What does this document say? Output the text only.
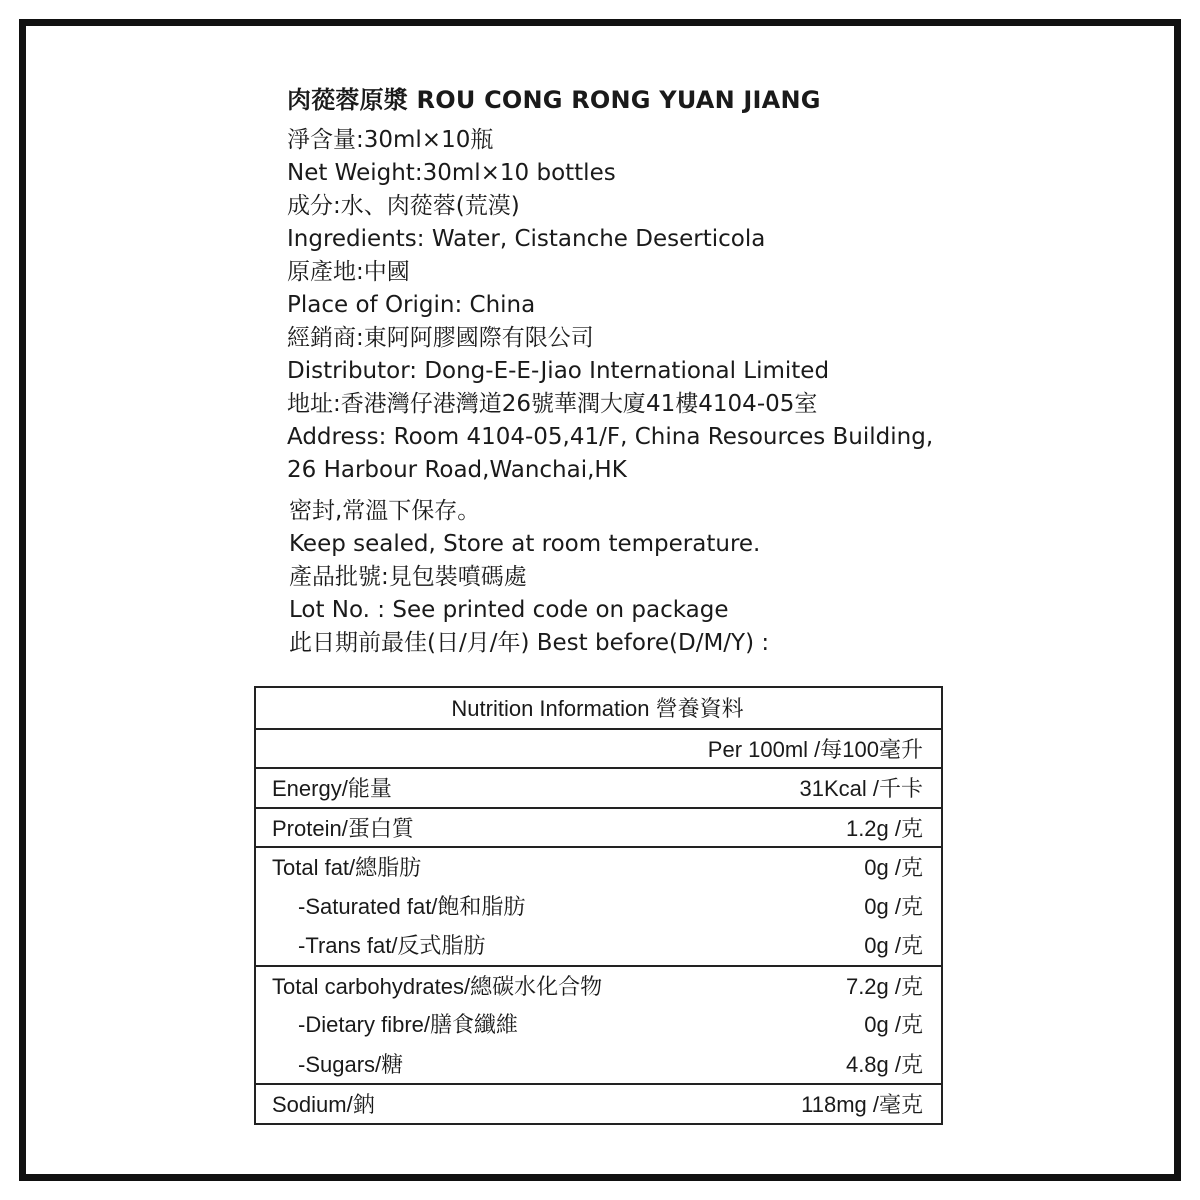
肉蓯蓉原漿 ROU CONG RONG YUAN JIANG
淨含量:30ml×10瓶
Net Weight:30ml×10 bottles
成分:水、肉蓯蓉(荒漠)
Ingredients: Water, Cistanche Deserticola
原產地:中國
Place of Origin: China
經銷商:東阿阿膠國際有限公司
Distributor: Dong-E-E-Jiao International Limited
地址:香港灣仔港灣道26號華潤大廈41樓4104-05室
Address: Room 4104-05,41/F, China Resources Building,
26 Harbour Road,Wanchai,HK
密封,常溫下保存。
Keep sealed, Store at room temperature.
產品批號:見包裝噴碼處
Lot No. : See printed code on package
此日期前最佳(日/月/年) Best before(D/M/Y) :
Nutrition Information 營養資料
Per 100ml /每100毫升
Energy/能量	31Kcal /千卡
Protein/蛋白質	1.2g /克
Total fat/總脂肪	0g /克
-Saturated fat/飽和脂肪	0g /克
-Trans fat/反式脂肪	0g /克
Total carbohydrates/總碳水化合物	7.2g /克
-Dietary fibre/膳食纖維	0g /克
-Sugars/糖	4.8g /克
Sodium/鈉	118mg /毫克
